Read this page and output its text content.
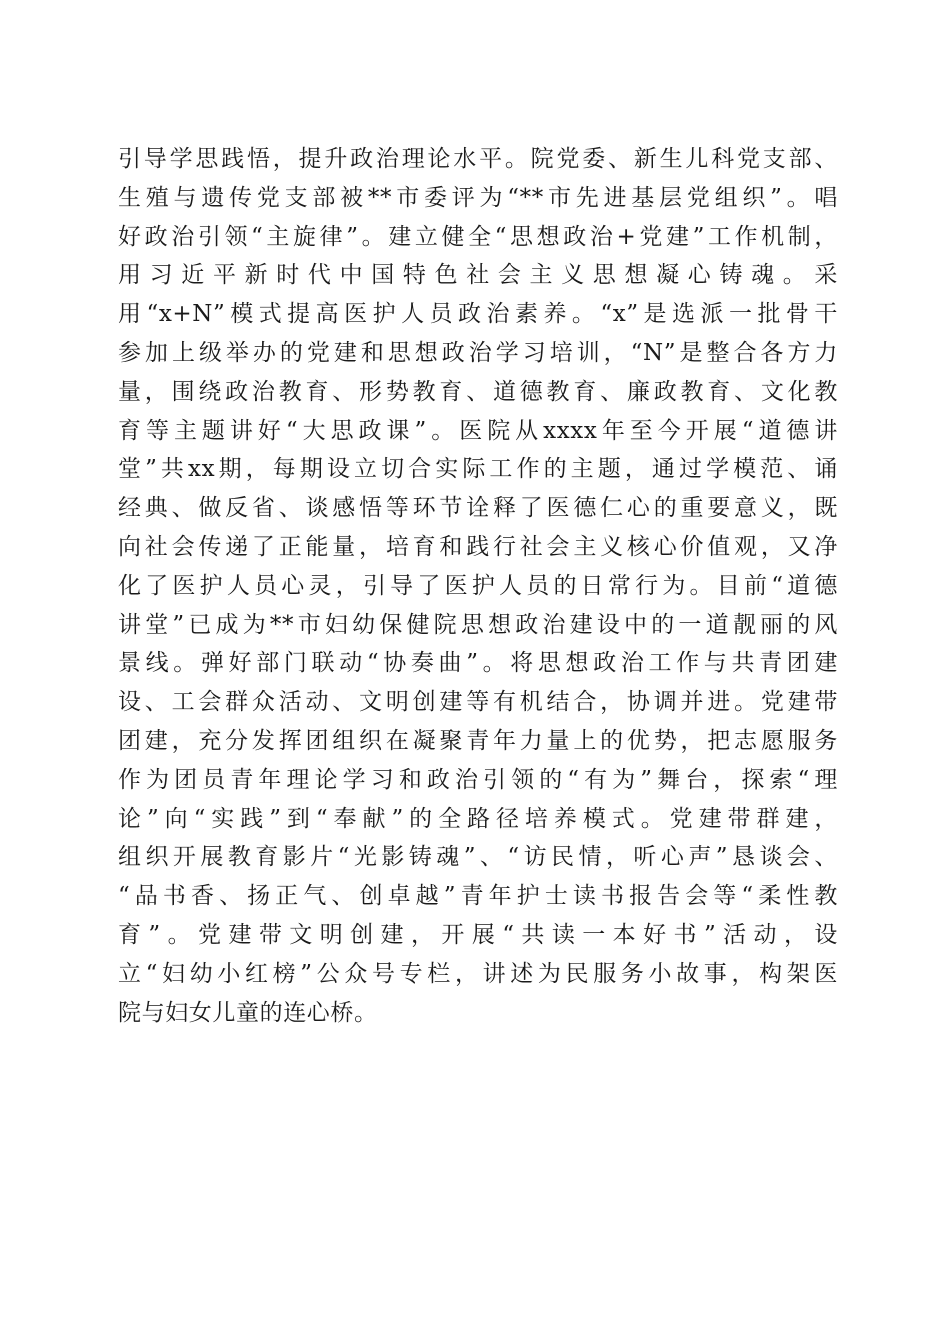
引导学思践悟，提升政治理论水平。院党委、新生儿科党支部、
生殖与遗传党支部被**市委评为“**市先进基层党组织”。唱
好政治引领“主旋律”。建立健全“思想政治+党建”工作机制，
用习近平新时代中国特色社会主义思想凝心铸魂。采
用“x+N”模式提高医护人员政治素养。“x”是选派一批骨干
参加上级举办的党建和思想政治学习培训，“N”是整合各方力
量，围绕政治教育、形势教育、道德教育、廉政教育、文化教
育等主题讲好“大思政课”。医院从xxxx年至今开展“道德讲
堂”共xx期，每期设立切合实际工作的主题，通过学模范、诵
经典、做反省、谈感悟等环节诠释了医德仁心的重要意义，既
向社会传递了正能量，培育和践行社会主义核心价值观，又净
化了医护人员心灵，引导了医护人员的日常行为。目前“道德
讲堂”已成为**市妇幼保健院思想政治建设中的一道靓丽的风
景线。弹好部门联动“协奏曲”。将思想政治工作与共青团建
设、工会群众活动、文明创建等有机结合，协调并进。党建带
团建，充分发挥团组织在凝聚青年力量上的优势，把志愿服务
作为团员青年理论学习和政治引领的“有为”舞台，探索“理
论”向“实践”到“奉献”的全路径培养模式。党建带群建，
组织开展教育影片“光影铸魂”、“访民情，听心声”恳谈会、
“品书香、扬正气、创卓越”青年护士读书报告会等“柔性教
育”。党建带文明创建，开展“共读一本好书”活动，设
立“妇幼小红榜”公众号专栏，讲述为民服务小故事，构架医
院与妇女儿童的连心桥。
